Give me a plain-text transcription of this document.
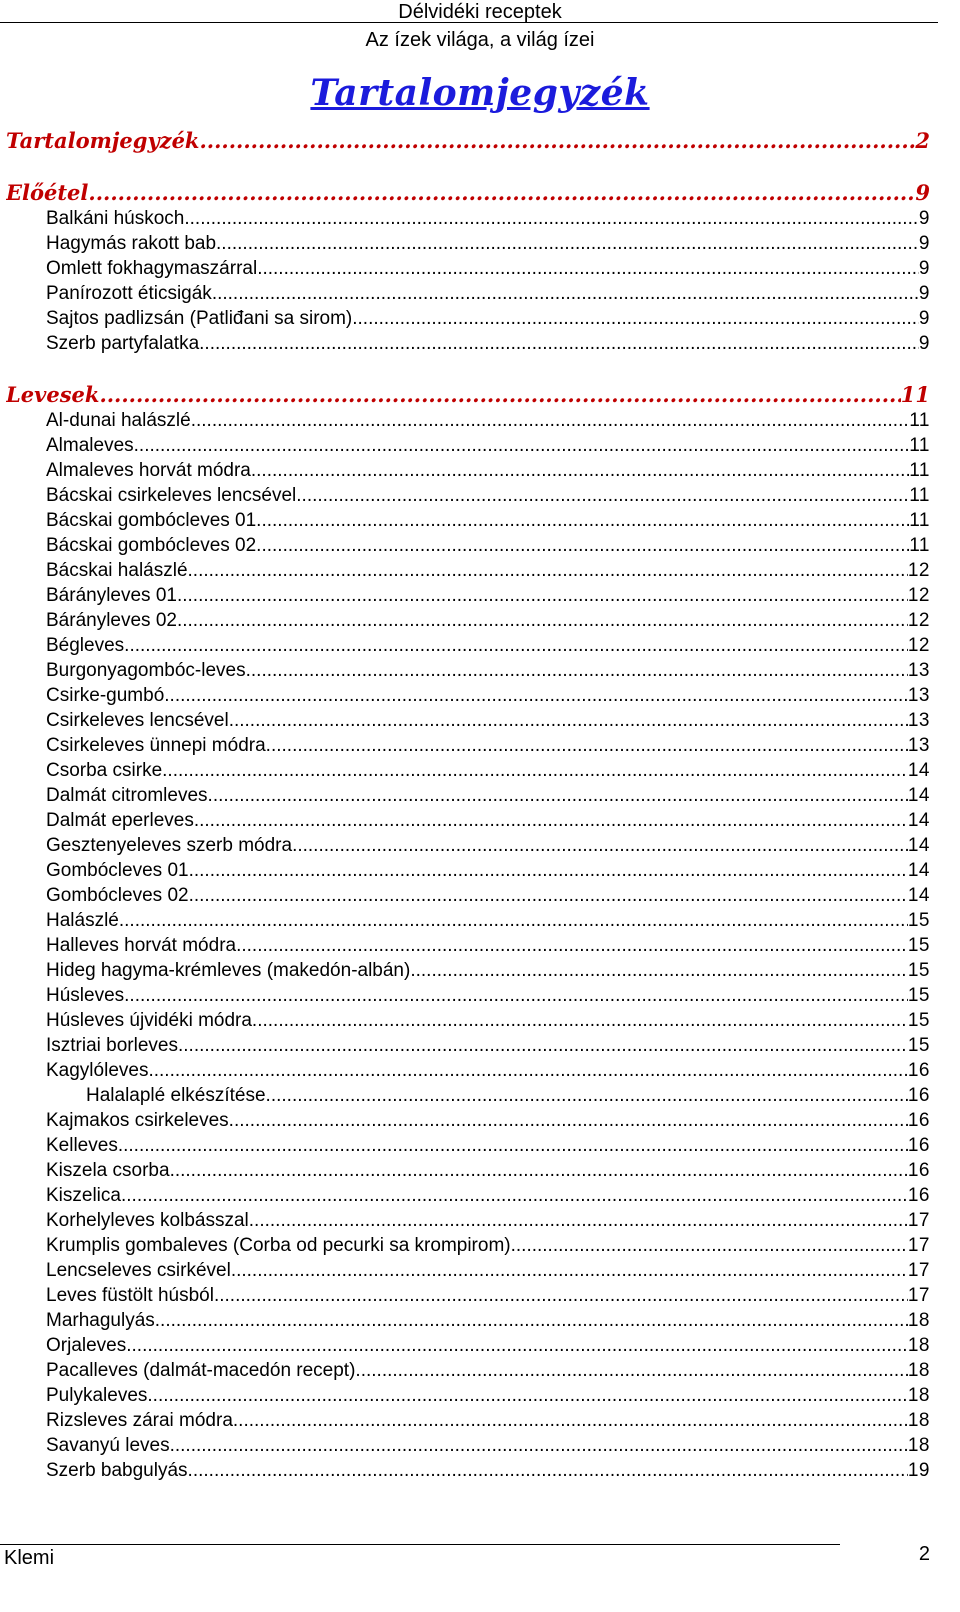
Délvidéki receptek
Az ízek világa, a világ ízei
Tartalomjegyzék
Tartalomjegyzék .....	2
Előétel .....	9
Balkáni húskoch .....	9
Hagymás rakott bab .....	9
Omlett fokhagymaszárral .....	9
Panírozott éticsigák .....	9
Sajtos padlizsán (Patliđani sa sirom) .....	9
Szerb partyfalatka .....	9
Levesek .....	11
Al-dunai halászlé .....	11
Almaleves .....	11
Almaleves horvát módra .....	11
Bácskai csirkeleves lencsével .....	11
Bácskai gombócleves 01. .....	11
Bácskai gombócleves 02. .....	11
Bácskai halászlé .....	12
Bárányleves 01. .....	12
Bárányleves 02. .....	12
Bégleves .....	12
Burgonyagombóc-leves .....	13
Csirke-gumbó .....	13
Csirkeleves lencsével .....	13
Csirkeleves ünnepi módra .....	13
Csorba csirke .....	14
Dalmát citromleves .....	14
Dalmát eperleves .....	14
Gesztenyeleves szerb módra .....	14
Gombócleves 01. .....	14
Gombócleves 02. .....	14
Halászlé .....	15
Halleves horvát módra .....	15
Hideg hagyma-krémleves (makedón-albán) .....	15
Húsleves .....	15
Húsleves újvidéki módra .....	15
Isztriai borleves .....	15
Kagylóleves .....	16
Halalaplé elkészítése .....	16
Kajmakos csirkeleves .....	16
Kelleves .....	16
Kiszela csorba .....	16
Kiszelica .....	16
Korhelyleves kolbásszal .....	17
Krumplis gombaleves (Corba od pecurki sa krompirom) .....	17
Lencseleves csirkével .....	17
Leves füstölt húsból .....	17
Marhagulyás .....	18
Orjaleves .....	18
Pacalleves (dalmát-macedón recept) .....	18
Pulykaleves .....	18
Rizsleves zárai módra .....	18
Savanyú leves .....	18
Szerb babgulyás .....	19
Klemi	2
